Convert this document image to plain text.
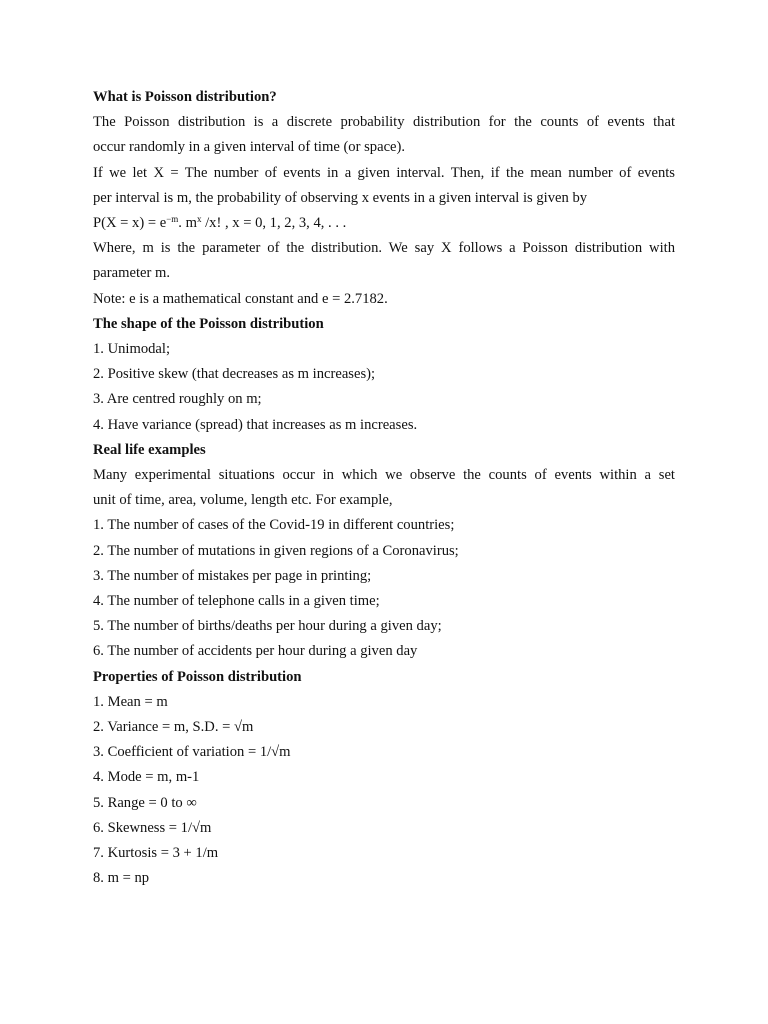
What is Poisson distribution?
The Poisson distribution is a discrete probability distribution for the counts of events that
occur randomly in a given interval of time (or space).
If we let X = The number of events in a given interval. Then, if the mean number of events
per interval is m, the probability of observing x events in a given interval is given by
$P(X = x) = e^{-m}$. $m^x$ /x! , x = 0, 1, 2, 3, 4, . . .
Where, m is the parameter of the distribution. We say X follows a Poisson distribution with
parameter m.
Note: e is a mathematical constant and e = 2.7182.
The shape of the Poisson distribution
1. Unimodal;
2. Positive skew (that decreases as m increases);
3. Are centred roughly on m;
4. Have variance (spread) that increases as m increases.
Real life examples
Many experimental situations occur in which we observe the counts of events within a set
unit of time, area, volume, length etc. For example,
1. The number of cases of the Covid-19 in different countries;
2. The number of mutations in given regions of a Coronavirus;
3. The number of mistakes per page in printing;
4. The number of telephone calls in a given time;
5. The number of births/deaths per hour during a given day;
6. The number of accidents per hour during a given day
Properties of Poisson distribution
1. Mean = m
2. Variance = m, S.D. = √m
3. Coefficient of variation = 1/√m
4. Mode = m, m-1
5. Range = 0 to ∞
6. Skewness = 1/√m
7. Kurtosis = 3 + 1/m
8. m = np
